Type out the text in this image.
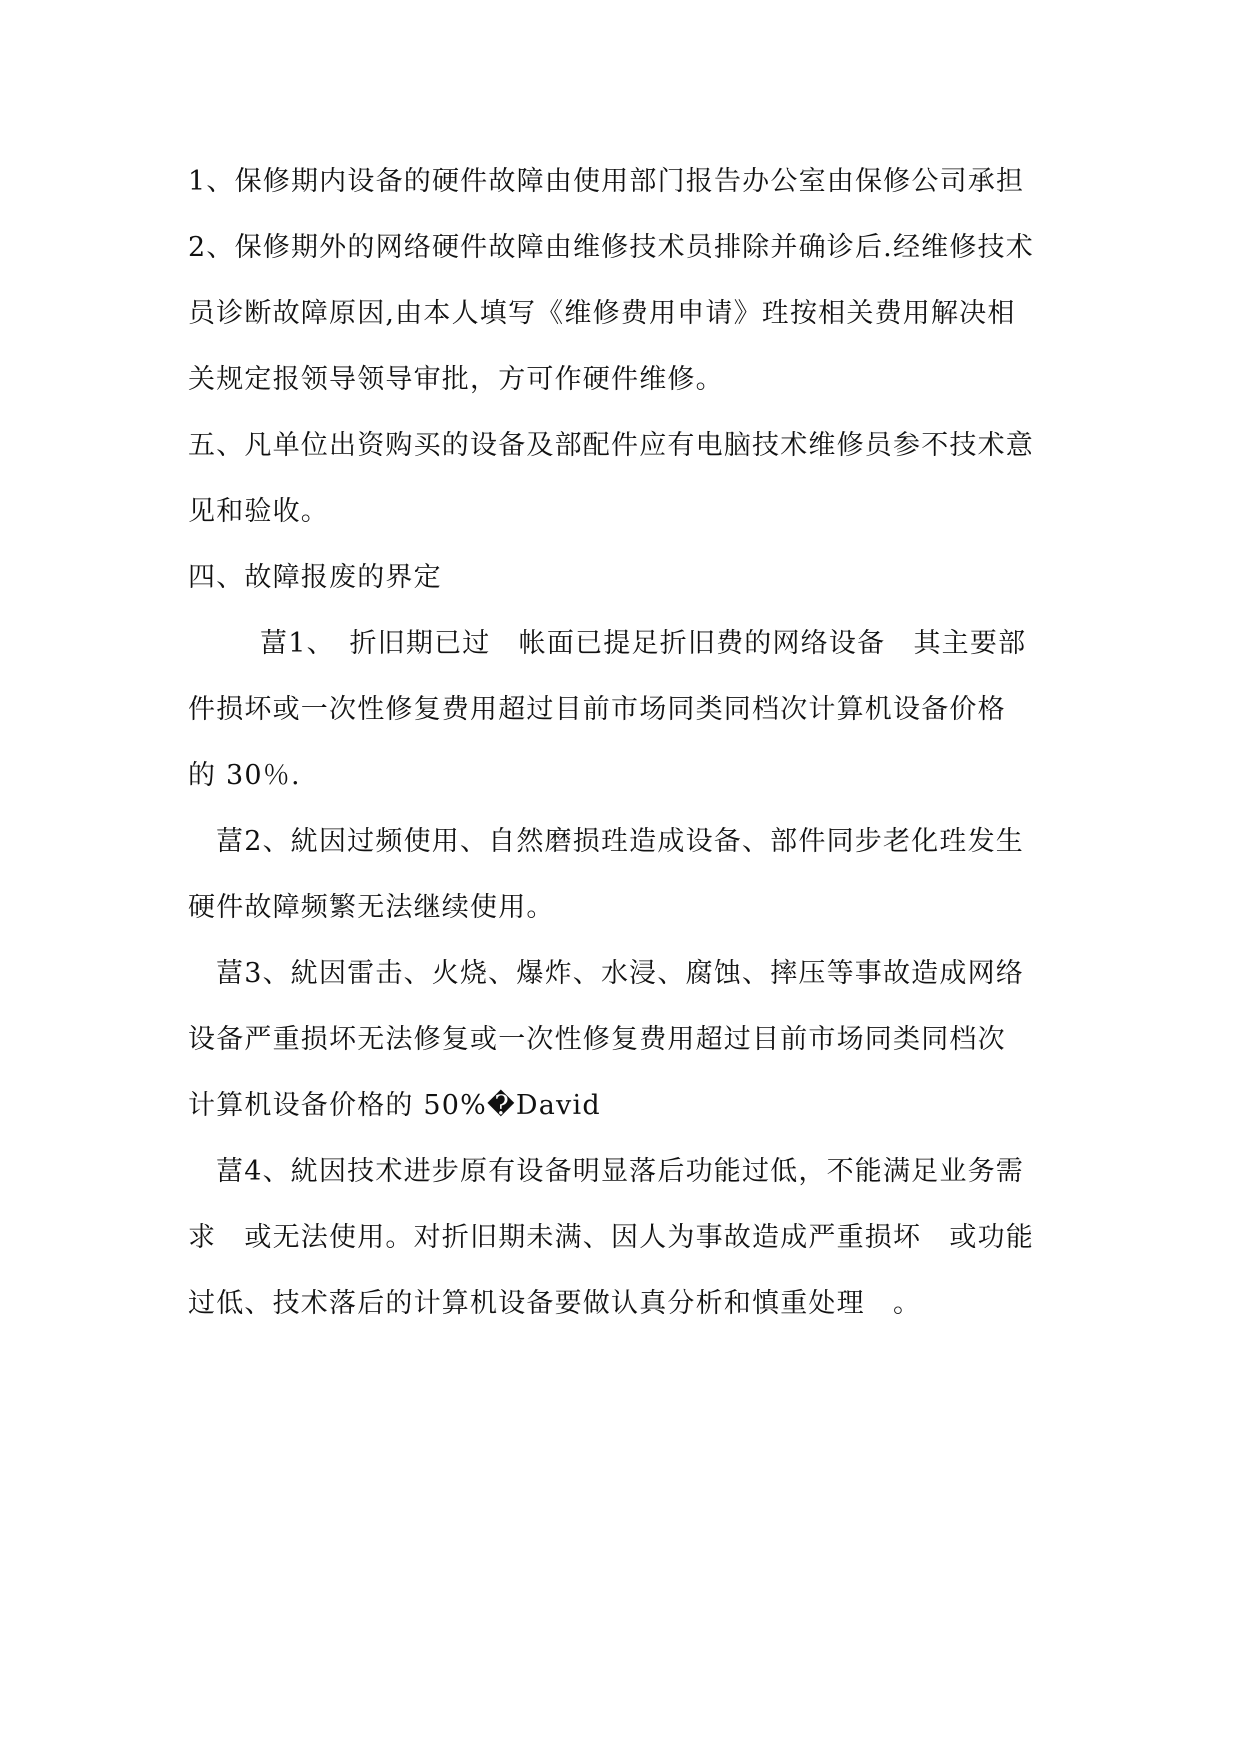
1、保修期内设备的硬件故障由使用部门报告办公室由保修公司承担
2、保修期外的网络硬件故障由维修技术员排除并确诊后.经维修技术
员诊断故障原因,由本人填写《维修费用申请》珄按相关费用解决相
关规定报领导领导审批，方可作硬件维修。
五、凡单位出资购买的设备及部配件应有电脑技术维修员参不技术意
见和验收。
四、故障报废的界定
葍1、　折旧期已过　帐面已提足折旧费的网络设备　其主要部
件损坏或一次性修复费用超过目前市场同类同档次计算机设备价格
的 30％.
葍2、紌因过频使用、自然磨损珄造成设备、部件同步老化珄发生
硬件故障频繁无法继续使用。
葍3、紌因雷击、火烧、爆炸、水浸、腐蚀、摔压等事故造成网络
设备严重损坏无法修复或一次性修复费用超过目前市场同类同档次
计算机设备价格的 50%�David
葍4、紌因技术进步原有设备明显落后功能过低，不能满足业务需
求　或无法使用。对折旧期未满、因人为事故造成严重损坏　或功能
过低、技术落后的计算机设备要做认真分析和慎重处理　。
